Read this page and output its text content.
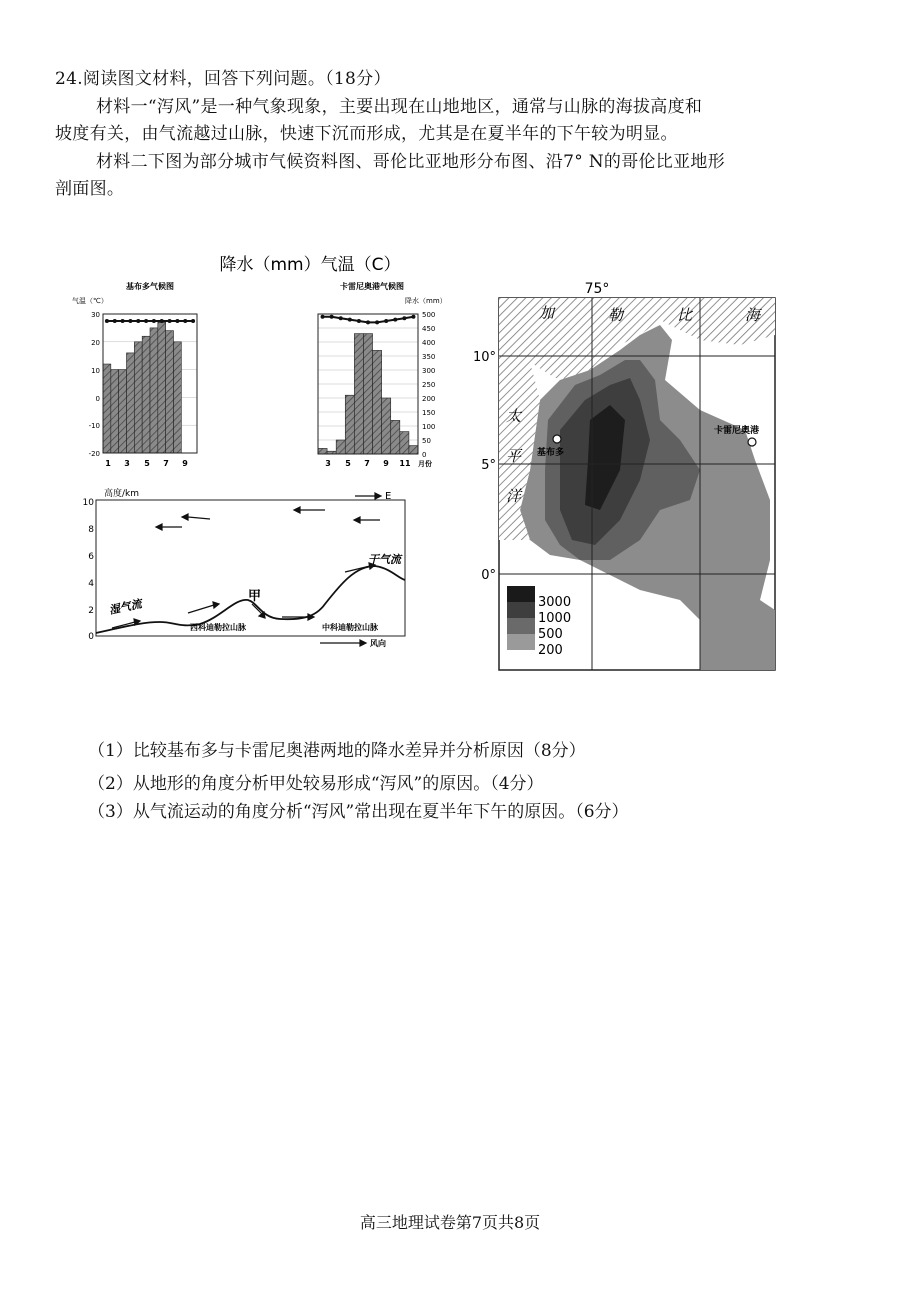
24.阅读图文材料，回答下列问题。（18分）
材料一“泻风”是一种气象现象，主要出现在山地地区，通常与山脉的海拔高度和
坡度有关，由气流越过山脉，快速下沉而形成，尤其是在夏半年的下午较为明显。
材料二下图为部分城市气候资料图、哥伦比亚地形分布图、沿7° N的哥伦比亚地形
剖面图。
降水（mm）气温（C）
基布多气候图
气温（℃）
30
20
10
0
-10
-20
1 3 5 7 9
卡雷尼奥港气候图
降水（mm）
500
450
400
350
300
250
200
150
100
50
0
3 5 7 9 11 月份
高度/km
10
8
6
4
2
0
E
湿气流
干气流
甲
西科迪勒拉山脉	中科迪勒拉山脉
风向
75°
10°
5°
0°
加	勒	比	海
太
平
洋
基布多
卡雷尼奥港
3000
1000
500
200
（1）比较基布多与卡雷尼奥港两地的降水差异并分析原因（8分）
（2）从地形的角度分析甲处较易形成“泻风”的原因。（4分）
（3）从气流运动的角度分析“泻风”常出现在夏半年下午的原因。（6分）
高三地理试卷第7页共8页
